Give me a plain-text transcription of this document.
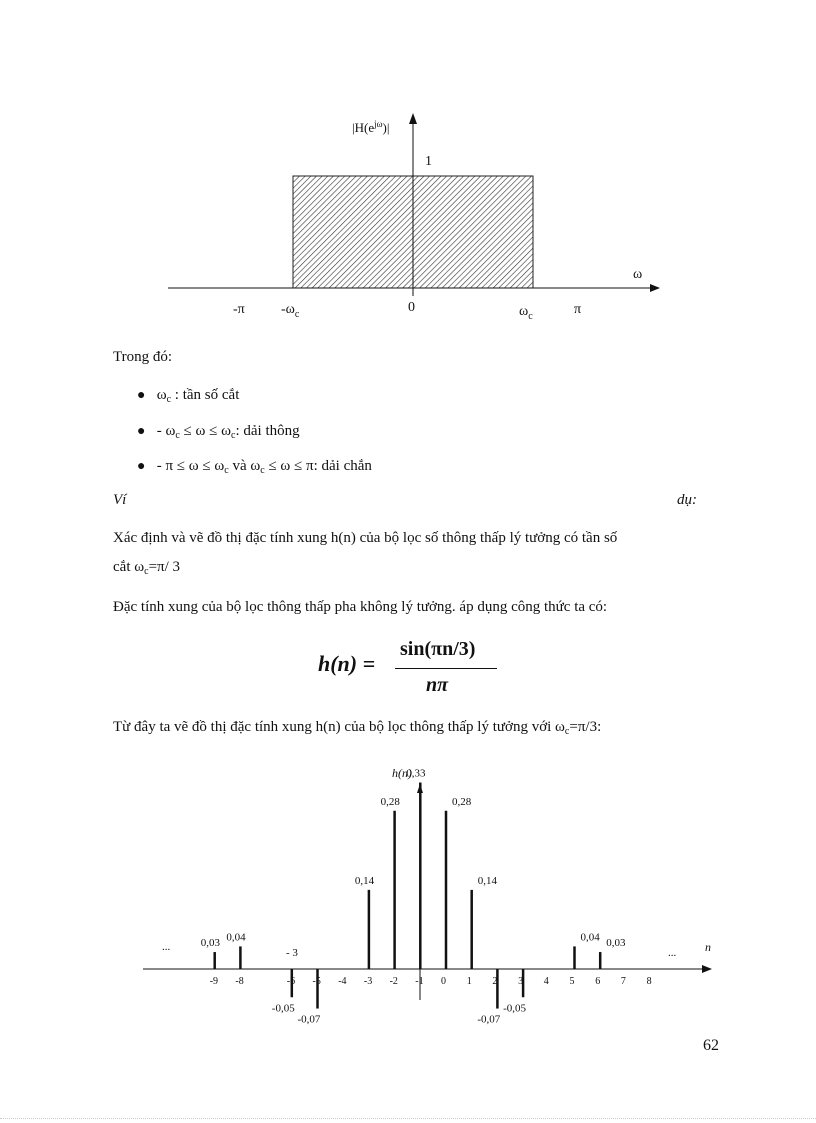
$|H(e^{j\omega})|$
1
ω
-π	$-\omega_c$	0	$\omega_c$	π
Trong đó:
● $\omega_c$ : tần số cắt
● - $\omega_c \le \omega \le \omega_c$: dải thông
● - $\pi \le \omega \le \omega_c$ và $\omega_c \le \omega \le \pi$: dải chắn
Ví	dụ:
Xác định và vẽ đồ thị đặc tính xung h(n) của bộ lọc số thông thấp lý tưởng có tần số
cắt $\omega_c=\pi/$ 3
Đặc tính xung của bộ lọc thông thấp pha không lý tưởng. áp dụng công thức ta có:
h(n) =
sin(πn/3)
nπ
Từ đây ta vẽ đồ thị đặc tính xung h(n) của bộ lọc thông thấp lý tưởng với $\omega_c=\pi/3$:
h(n)
n
...	...
- 3
0,03 0,04
-0,05
-0,07
0,14
0,28
0,33
0,28
0,14
-0,07
-0,05
0,04 0,03
-9 -8	-6 -5 -4 -3 -2 -1 0 1 2 3 4 5 6 7 8
62
